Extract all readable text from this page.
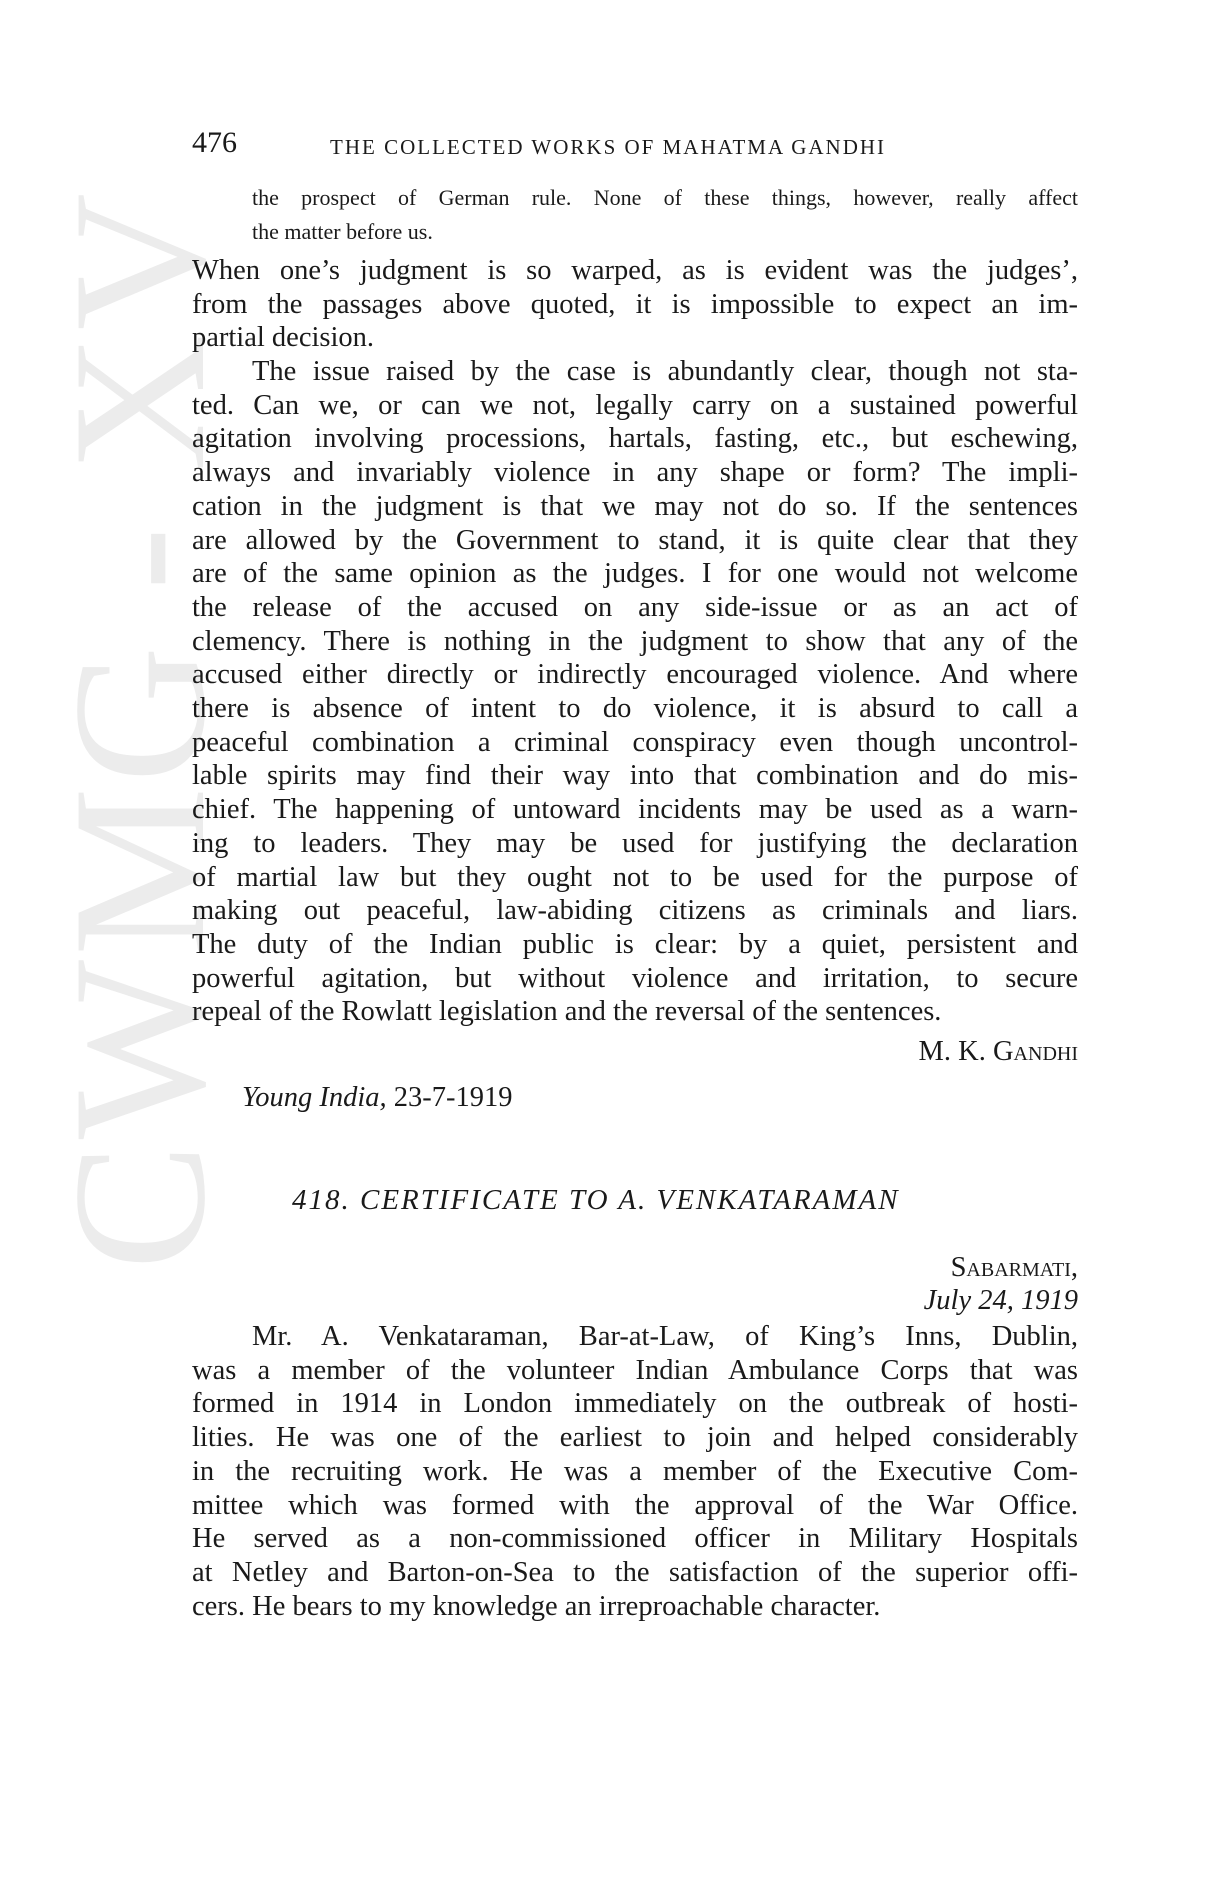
CWMG - XV
476	THE COLLECTED WORKS OF MAHATMA GANDHI
the prospect of German rule. None of these things, however, really affect
the matter before us.
When one’s judgment is so warped, as is evident was the judges’,
from the passages above quoted, it is impossible to expect an im-
partial decision.
The issue raised by the case is abundantly clear, though not sta-
ted. Can we, or can we not, legally carry on a sustained powerful
agitation involving processions, hartals, fasting, etc., but eschewing,
always and invariably violence in any shape or form? The impli-
cation in the judgment is that we may not do so. If the sentences
are allowed by the Government to stand, it is quite clear that they
are of the same opinion as the judges. I for one would not welcome
the release of the accused on any side-issue or as an act of
clemency. There is nothing in the judgment to show that any of the
accused either directly or indirectly encouraged violence. And where
there is absence of intent to do violence, it is absurd to call a
peaceful combination a criminal conspiracy even though uncontrol-
lable spirits may find their way into that combination and do mis-
chief. The happening of untoward incidents may be used as a warn-
ing to leaders. They may be used for justifying the declaration
of martial law but they ought not to be used for the purpose of
making out peaceful, law-abiding citizens as criminals and liars.
The duty of the Indian public is clear: by a quiet, persistent and
powerful agitation, but without violence and irritation, to secure
repeal of the Rowlatt legislation and the reversal of the sentences.
M. K. Gandhi
Young India, 23-7-1919
418. CERTIFICATE TO A. VENKATARAMAN
Sabarmati,
July 24, 1919
Mr. A. Venkataraman, Bar-at-Law, of King’s Inns, Dublin,
was a member of the volunteer Indian Ambulance Corps that was
formed in 1914 in London immediately on the outbreak of hosti-
lities. He was one of the earliest to join and helped considerably
in the recruiting work. He was a member of the Executive Com-
mittee which was formed with the approval of the War Office.
He served as a non-commissioned officer in Military Hospitals
at Netley and Barton-on-Sea to the satisfaction of the superior offi-
cers. He bears to my knowledge an irreproachable character.
